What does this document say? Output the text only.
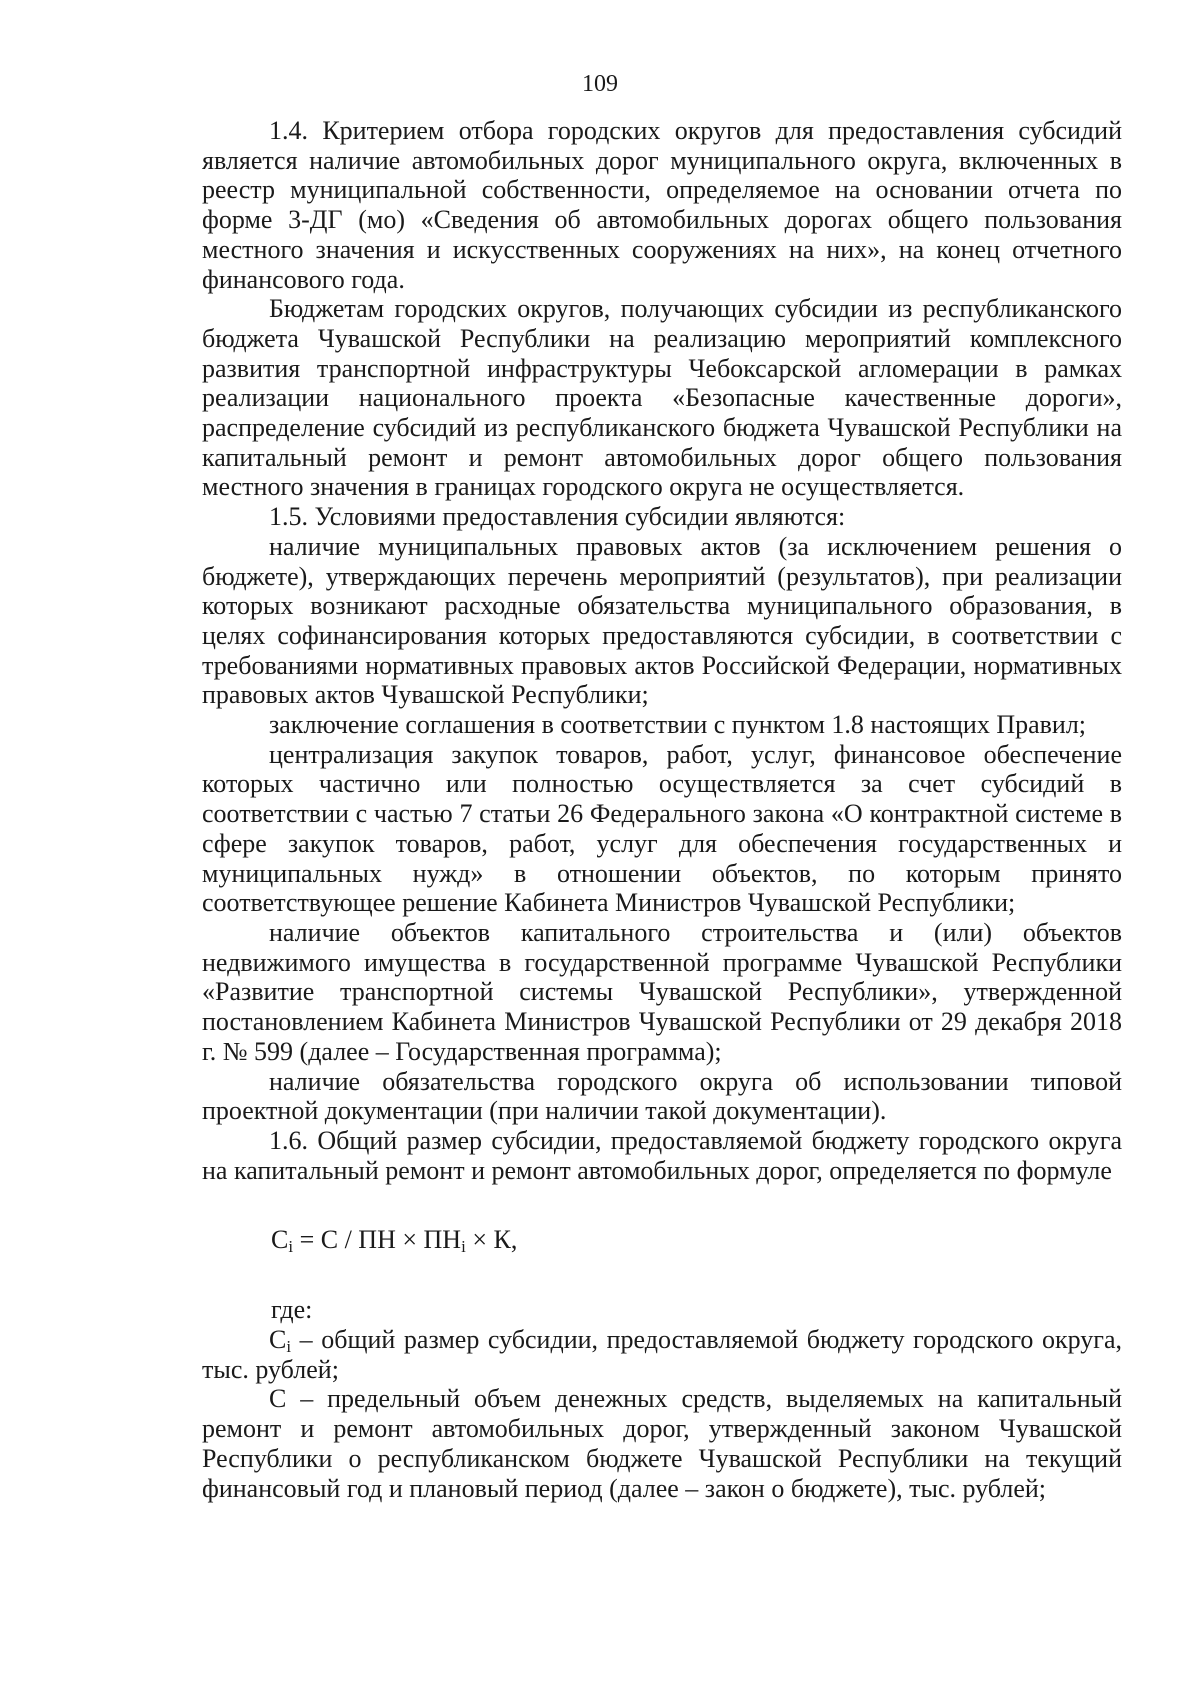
109

1.4. Критерием отбора городских округов для предоставления субсидий является наличие автомобильных дорог муниципального округа, включенных в реестр муниципальной собственности, определяемое на основании отчета по форме 3-ДГ (мо) «Сведения об автомобильных дорогах общего пользования местного значения и искусственных сооружениях на них», на конец отчетного финансового года.

Бюджетам городских округов, получающих субсидии из республиканского бюджета Чувашской Республики на реализацию мероприятий комплексного развития транспортной инфраструктуры Чебоксарской агломерации в рамках реализации национального проекта «Безопасные качественные дороги», распределение субсидий из республиканского бюджета Чувашской Республики на капитальный ремонт и ремонт автомобильных дорог общего пользования местного значения в границах городского округа не осуществляется.

1.5. Условиями предоставления субсидии являются:

наличие муниципальных правовых актов (за исключением решения о бюджете), утверждающих перечень мероприятий (результатов), при реализации которых возникают расходные обязательства муниципального образования, в целях софинансирования которых предоставляются субсидии, в соответствии с требованиями нормативных правовых актов Российской Федерации, нормативных правовых актов Чувашской Республики;

заключение соглашения в соответствии с пунктом 1.8 настоящих Правил;

централизация закупок товаров, работ, услуг, финансовое обеспечение которых частично или полностью осуществляется за счет субсидий в соответствии с частью 7 статьи 26 Федерального закона «О контрактной системе в сфере закупок товаров, работ, услуг для обеспечения государственных и муниципальных нужд» в отношении объектов, по которым принято соответствующее решение Кабинета Министров Чувашской Республики;

наличие объектов капитального строительства и (или) объектов недвижимого имущества в государственной программе Чувашской Республики «Развитие транспортной системы Чувашской Республики», утвержденной постановлением Кабинета Министров Чувашской Республики от 29 декабря 2018 г. № 599 (далее – Государственная программа);

наличие обязательства городского округа об использовании типовой проектной документации (при наличии такой документации).

1.6. Общий размер субсидии, предоставляемой бюджету городского округа на капитальный ремонт и ремонт автомобильных дорог, определяется по формуле

$C_i = C$ / ПН × $ПН_i \times К$,

где:

$C_i$ – общий размер субсидии, предоставляемой бюджету городского округа, тыс. рублей;

C – предельный объем денежных средств, выделяемых на капитальный ремонт и ремонт автомобильных дорог, утвержденный законом Чувашской Республики о республиканском бюджете Чувашской Республики на текущий финансовый год и плановый период (далее – закон о бюджете), тыс. рублей;
